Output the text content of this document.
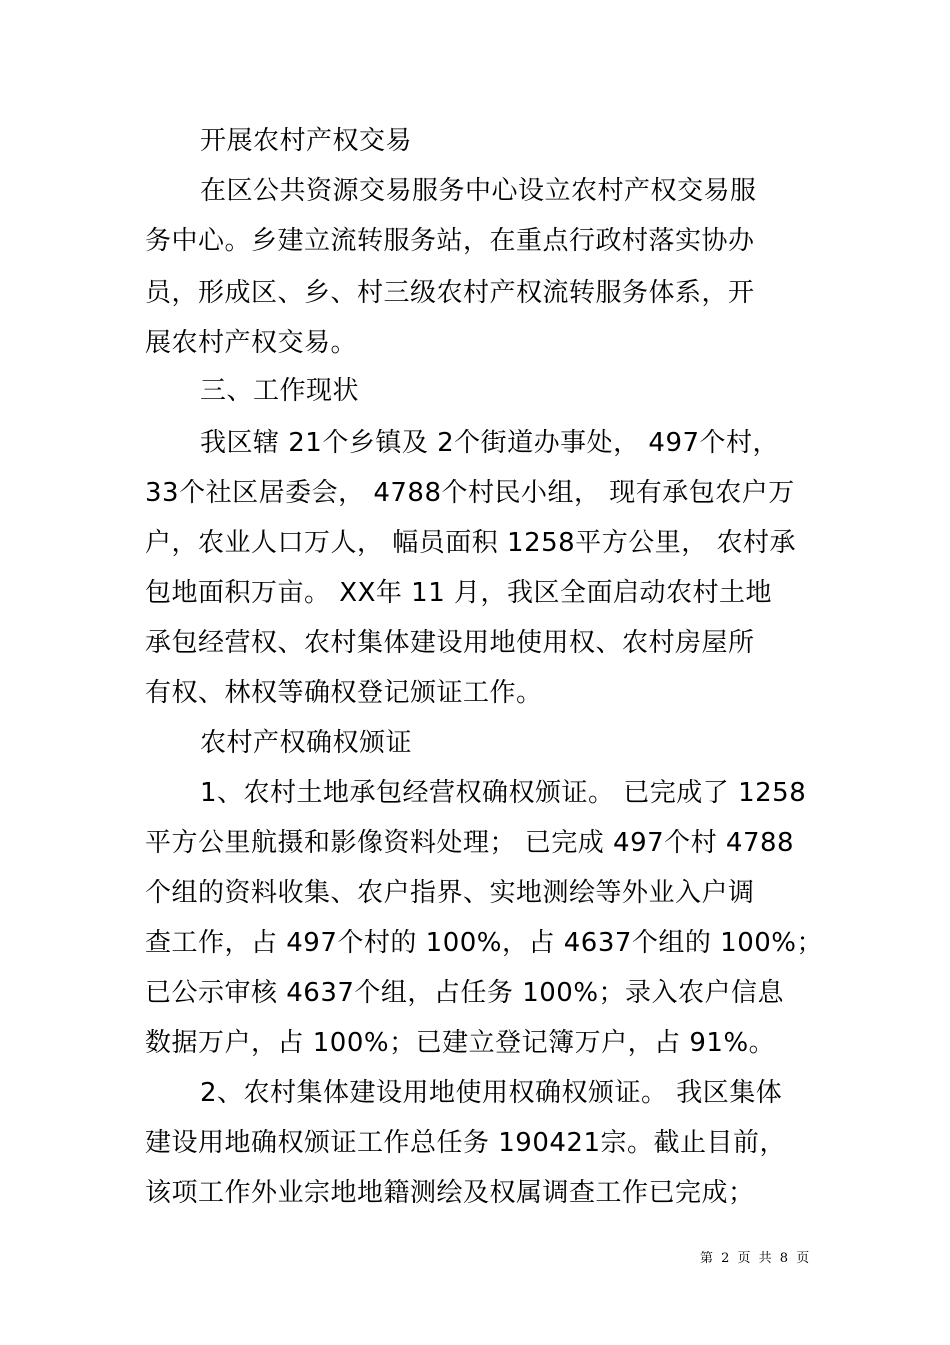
开展农村产权交易
在区公共资源交易服务中心设立农村产权交易服
务中心。乡建立流转服务站，在重点行政村落实协办
员，形成区、乡、村三级农村产权流转服务体系，开
展农村产权交易。
三、工作现状
我区辖 21个乡镇及 2个街道办事处， 497个村，
33个社区居委会， 4788个村民小组， 现有承包农户万
户，农业人口万人， 幅员面积 1258平方公里， 农村承
包地面积万亩。 XX年 11 月，我区全面启动农村土地
承包经营权、农村集体建设用地使用权、农村房屋所
有权、林权等确权登记颁证工作。
农村产权确权颁证
1、农村土地承包经营权确权颁证。 已完成了 1258
平方公里航摄和影像资料处理； 已完成 497个村 4788
个组的资料收集、农户指界、实地测绘等外业入户调
查工作，占 497个村的 100%，占 4637个组的 100%；
已公示审核 4637个组，占任务 100%；录入农户信息
数据万户，占 100%；已建立登记簿万户，占 91%。
2、农村集体建设用地使用权确权颁证。 我区集体
建设用地确权颁证工作总任务 190421宗。截止目前，
该项工作外业宗地地籍测绘及权属调查工作已完成；
第 2 页 共 8 页
